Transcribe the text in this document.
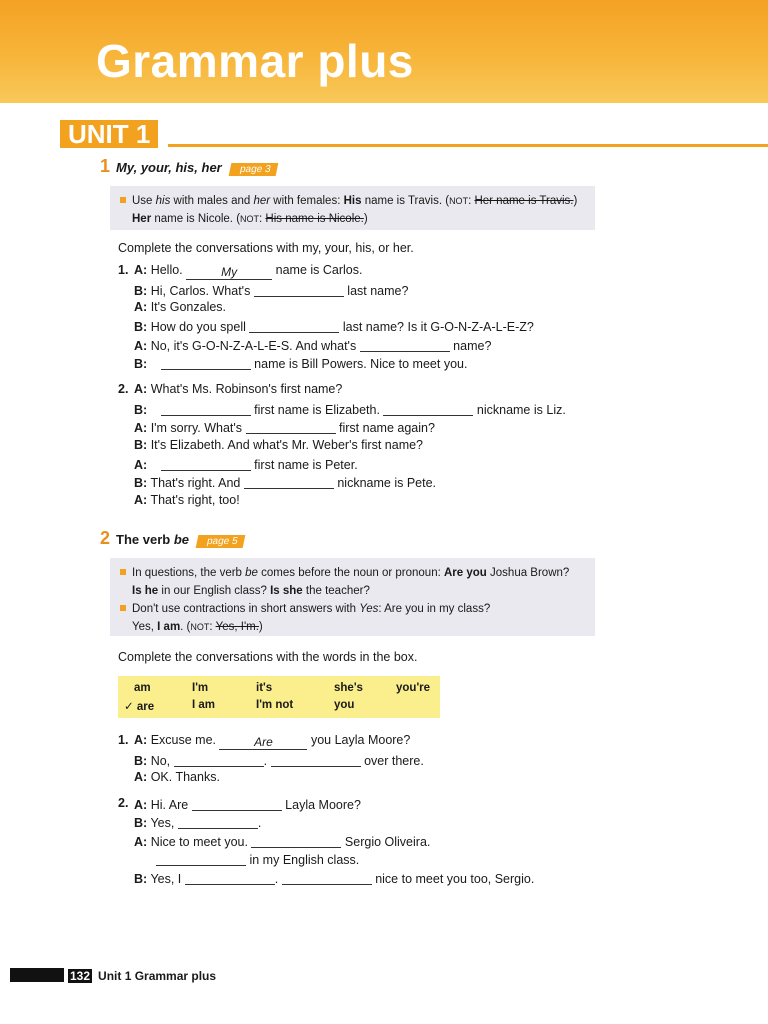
Grammar plus
UNIT 1
1 My, your, his, her page 3
Use his with males and her with females: His name is Travis. (NOT: Her name is Travis.)
Her name is Nicole. (NOT: His name is Nicole.)
Complete the conversations with my, your, his, or her.
1. A: Hello.	My	name is Carlos.
B: Hi, Carlos. What's	last name?
A: It's Gonzales.
B: How do you spell	last name? Is it G-O-N-Z-A-L-E-Z?
A: No, it's G-O-N-Z-A-L-E-S. And what's	name?
B:	name is Bill Powers. Nice to meet you.
2. A: What's Ms. Robinson's first name?
B:	first name is Elizabeth.	nickname is Liz.
A: I'm sorry. What's	first name again?
B: It's Elizabeth. And what's Mr. Weber's first name?
A:	first name is Peter.
B: That's right. And	nickname is Pete.
A: That's right, too!
2 The verb be page 5
In questions, the verb be comes before the noun or pronoun: Are you Joshua Brown?
Is he in our English class? Is she the teacher?
Don't use contractions in short answers with Yes: Are you in my class?
Yes, I am. (NOT: Yes, I'm.)
Complete the conversations with the words in the box.
am	I'm	it's	she's	you're
✓ are	I am	I'm not	you
1. A: Excuse me.	Are	you Layla Moore?
B: No,	.	over there.
A: OK. Thanks.
2. A: Hi. Are	Layla Moore?
B: Yes,	.
A: Nice to meet you.	Sergio Oliveira.
in my English class.
B: Yes, I	.	nice to meet you too, Sergio.
132 Unit 1 Grammar plus
